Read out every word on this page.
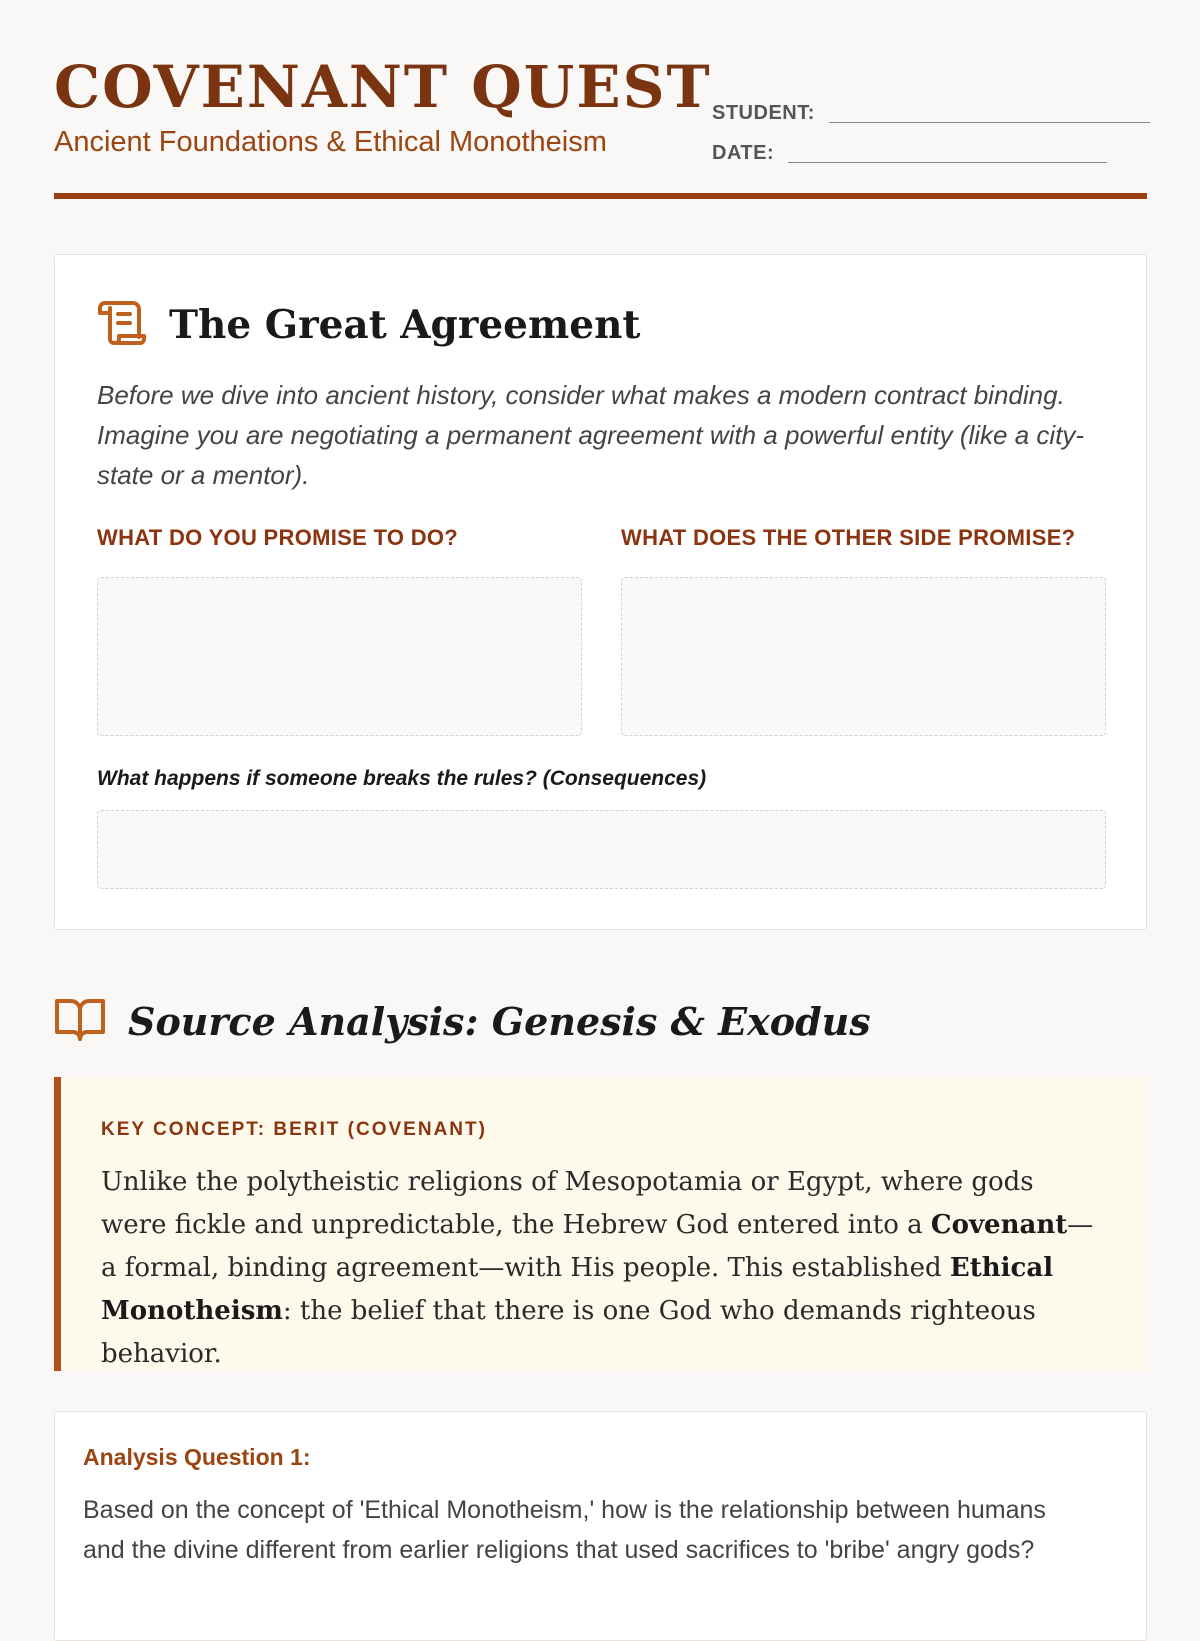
COVENANT QUEST
Ancient Foundations & Ethical Monotheism
STUDENT:
DATE:
The Great Agreement

Before we dive into ancient history, consider what makes a modern contract binding. Imagine you are negotiating a permanent agreement with a powerful entity (like a city-state or a mentor).

WHAT DO YOU PROMISE TO DO?	WHAT DOES THE OTHER SIDE PROMISE?
What happens if someone breaks the rules? (Consequences)
Source Analysis: Genesis & Exodus
KEY CONCEPT: BERIT (COVENANT)

Unlike the polytheistic religions of Mesopotamia or Egypt, where gods were fickle and unpredictable, the Hebrew God entered into a Covenant—a formal, binding agreement—with His people. This established Ethical Monotheism: the belief that there is one God who demands righteous behavior.

Analysis Question 1:

Based on the concept of 'Ethical Monotheism,' how is the relationship between humans and the divine different from earlier religions that used sacrifices to 'bribe' angry gods?
